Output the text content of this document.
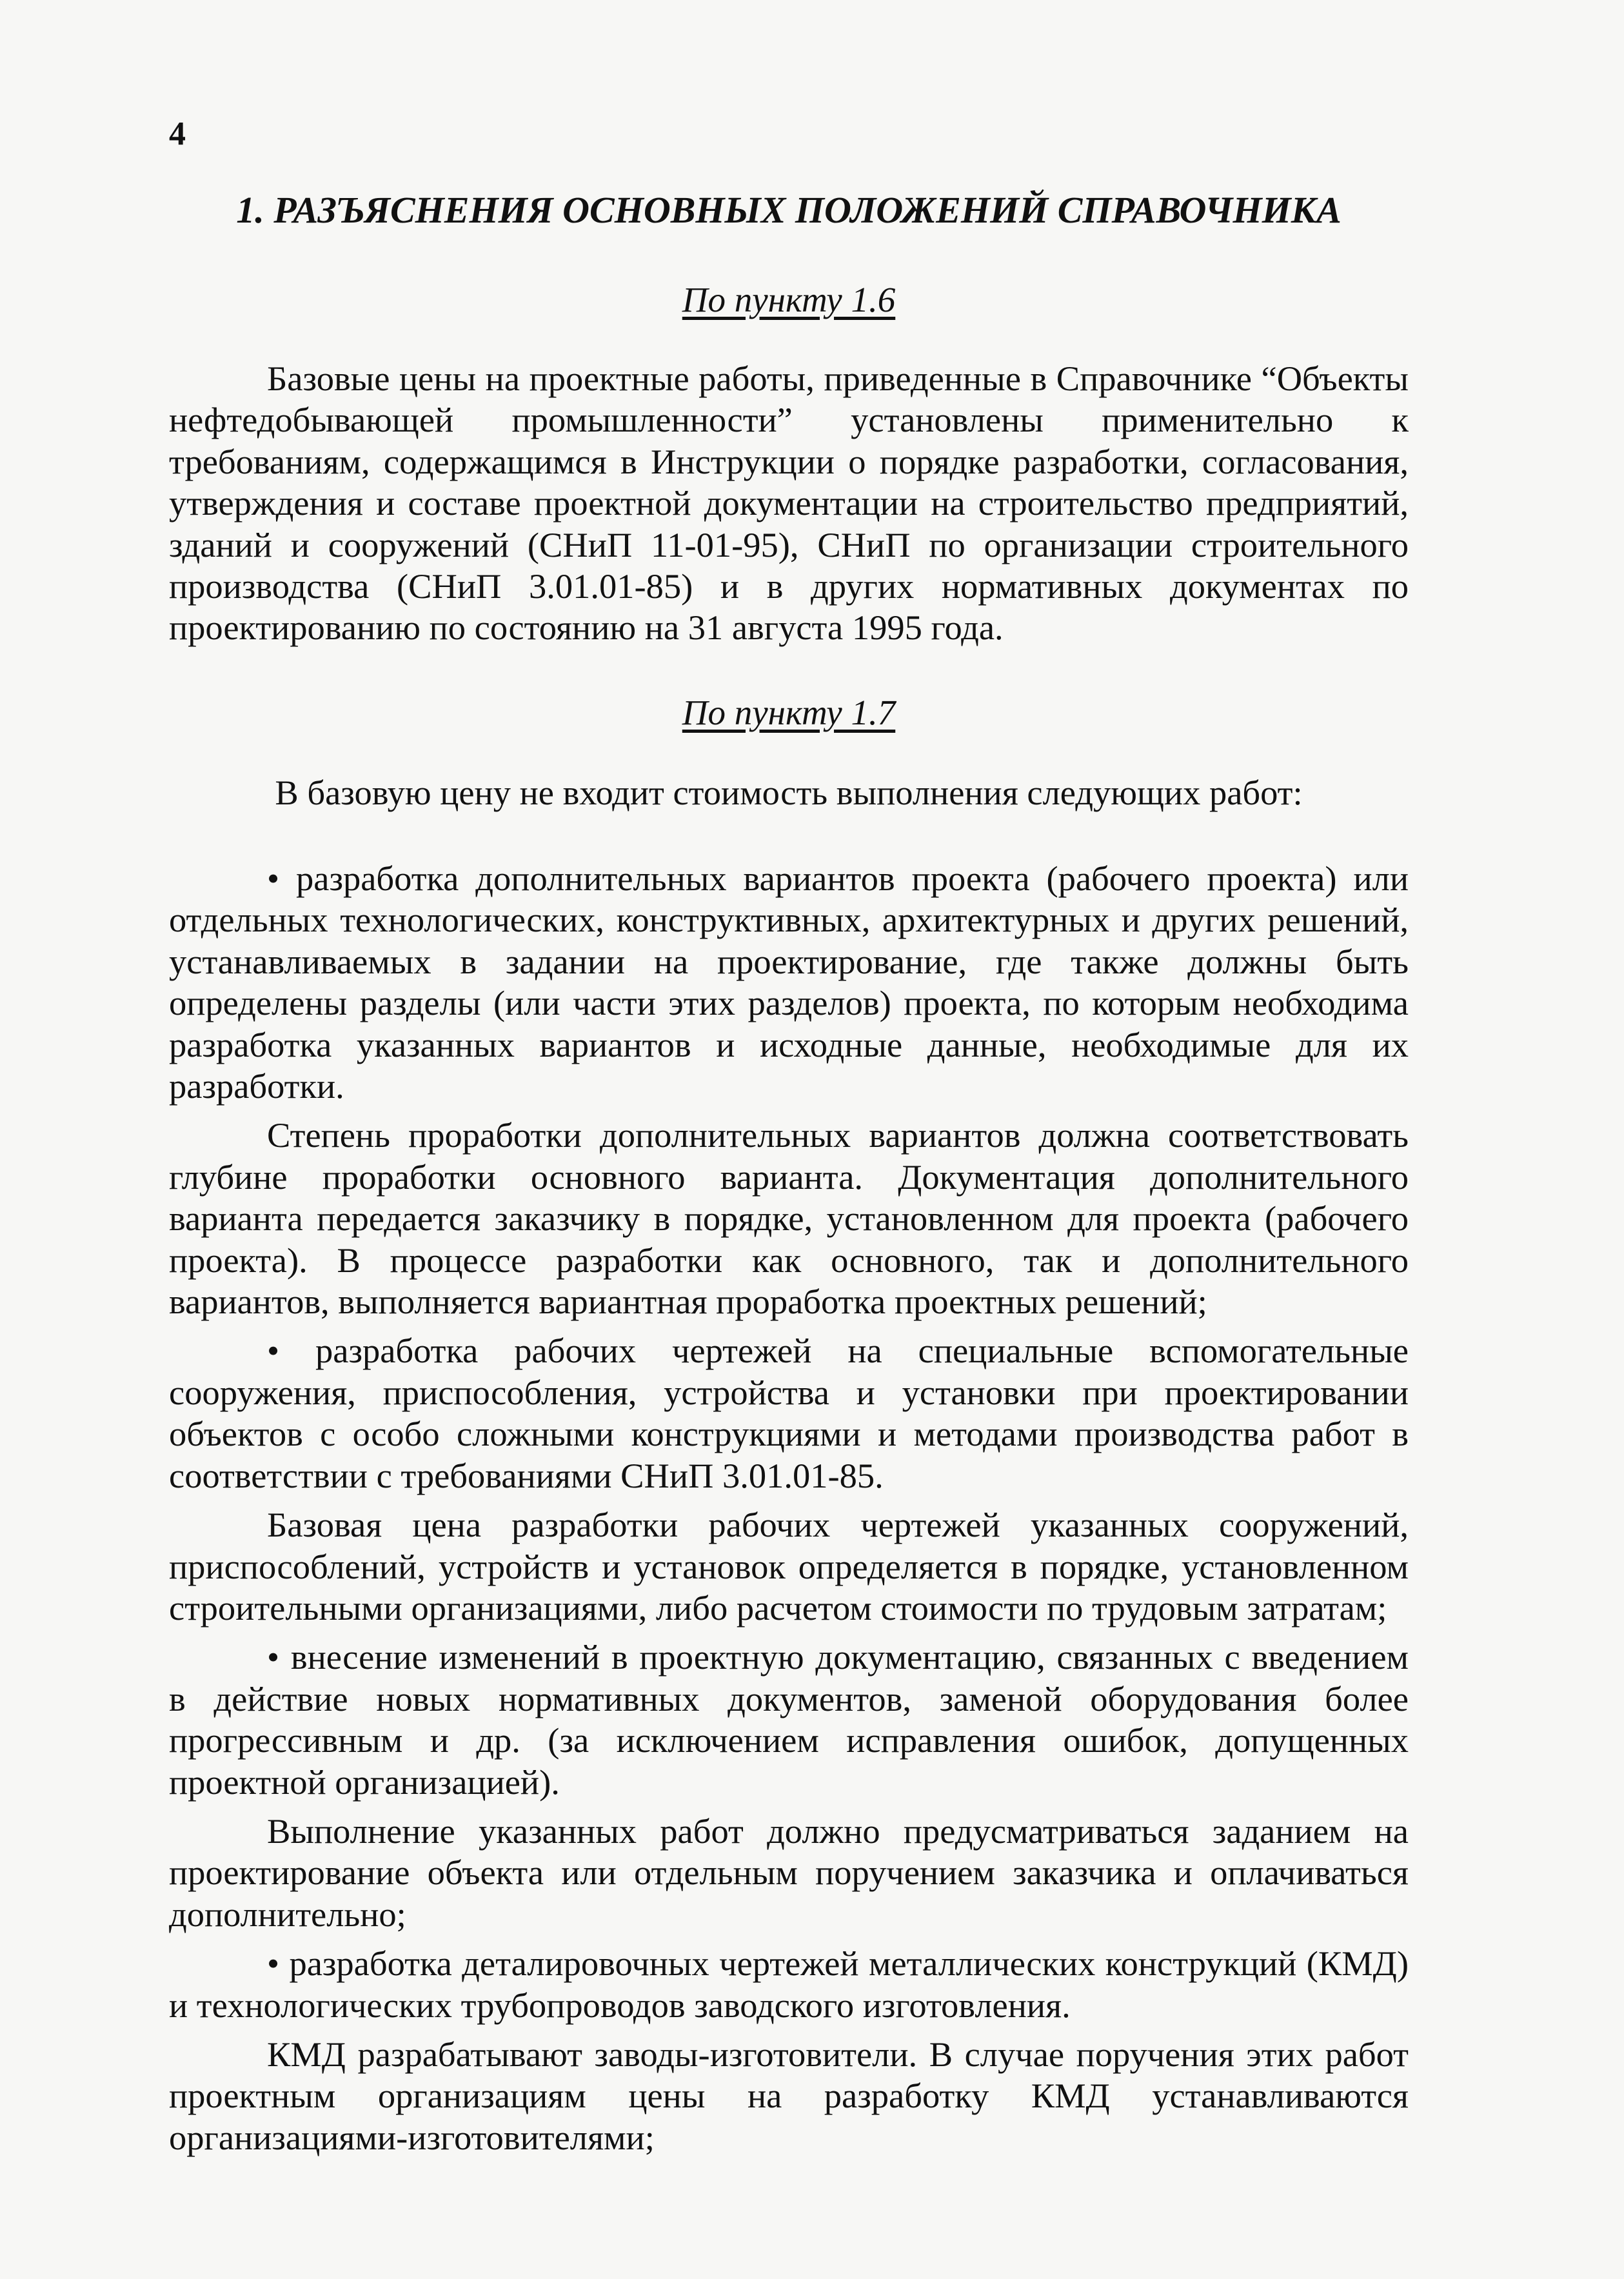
4
1. РАЗЪЯСНЕНИЯ ОСНОВНЫХ ПОЛОЖЕНИЙ СПРАВОЧНИКА
По пункту 1.6

Базовые цены на проектные работы, приведенные в Справочнике “Объекты нефтедобывающей промышленности” установлены применительно к требованиям, содержащимся в Инструкции о порядке разработки, согласования, утверждения и составе проектной документации на строительство предприятий, зданий и сооружений (СНиП 11-01-95), СНиП по организации строительного производства (СНиП 3.01.01-85) и в других нормативных документах по проектированию по состоянию на 31 августа 1995 года.

По пункту 1.7
В базовую цену не входит стоимость выполнения следующих работ:

• разработка дополнительных вариантов проекта (рабочего проекта) или отдельных технологических, конструктивных, архитектурных и других решений, устанавливаемых в задании на проектирование, где также должны быть определены разделы (или части этих разделов) проекта, по которым необходима разработка указанных вариантов и исходные данные, необходимые для их разработки.

Степень проработки дополнительных вариантов должна соответствовать глубине проработки основного варианта. Документация дополнительного варианта передается заказчику в порядке, установленном для проекта (рабочего проекта). В процессе разработки как основного, так и дополнительного вариантов, выполняется вариантная проработка проектных решений;

• разработка рабочих чертежей на специальные вспомогательные сооружения, приспособления, устройства и установки при проектировании объектов с особо сложными конструкциями и методами производства работ в соответствии с требованиями СНиП 3.01.01-85.

Базовая цена разработки рабочих чертежей указанных сооружений, приспособлений, устройств и установок определяется в порядке, установленном строительными организациями, либо расчетом стоимости по трудовым затратам;

• внесение изменений в проектную документацию, связанных с введением в действие новых нормативных документов, заменой оборудования более прогрессивным и др. (за исключением исправления ошибок, допущенных проектной организацией).

Выполнение указанных работ должно предусматриваться заданием на проектирование объекта или отдельным поручением заказчика и оплачиваться дополнительно;

• разработка деталировочных чертежей металлических конструкций (КМД) и технологических трубопроводов заводского изготовления.

КМД разрабатывают заводы-изготовители. В случае поручения этих работ проектным организациям цены на разработку КМД устанавливаются организациями-изготовителями;
